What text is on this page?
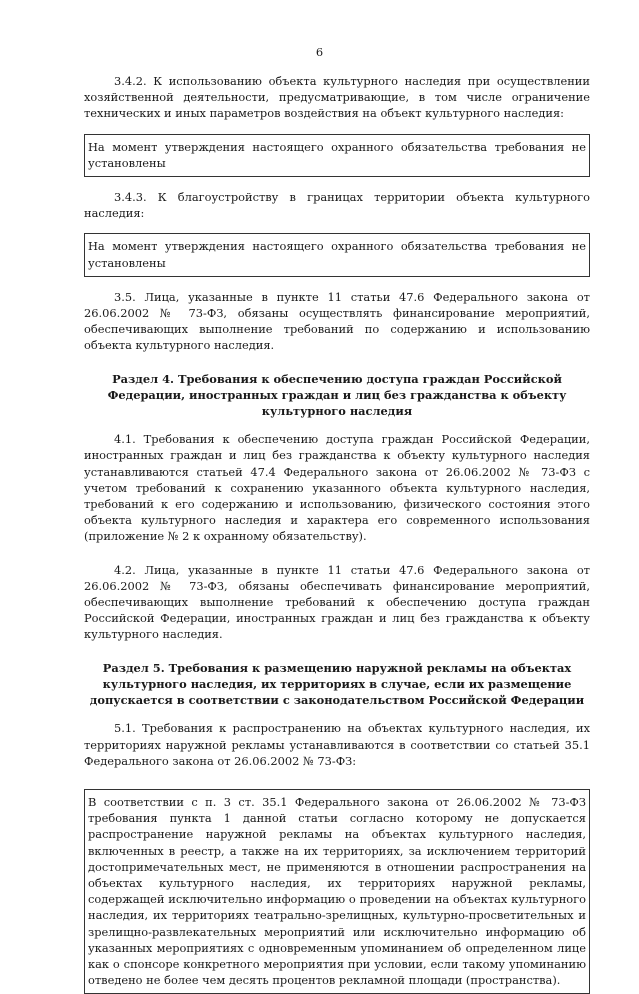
6

3.4.2. К использованию объекта культурного наследия при осуществлении хозяйственной деятельности, предусматривающие, в том числе ограничение технических и иных параметров воздействия на объект культурного наследия:

На момент утверждения настоящего охранного обязательства требования не установлены

3.4.3. К благоустройству в границах территории объекта культурного наследия:

На момент утверждения настоящего охранного обязательства требования не установлены

3.5. Лица, указанные в пункте 11 статьи 47.6 Федерального закона от 26.06.2002 № 73-ФЗ, обязаны осуществлять финансирование мероприятий, обеспечивающих выполнение требований по содержанию и использованию объекта культурного наследия.

Раздел 4. Требования к обеспечению доступа граждан Российской Федерации, иностранных граждан и лиц без гражданства к объекту культурного наследия

4.1. Требования к обеспечению доступа граждан Российской Федерации, иностранных граждан и лиц без гражданства к объекту культурного наследия устанавливаются статьей 47.4 Федерального закона от 26.06.2002 № 73-ФЗ с учетом требований к сохранению указанного объекта культурного наследия, требований к его содержанию и использованию, физического состояния этого объекта культурного наследия и характера его современного использования (приложение № 2 к охранному обязательству).

4.2. Лица, указанные в пункте 11 статьи 47.6 Федерального закона от 26.06.2002 № 73-ФЗ, обязаны обеспечивать финансирование мероприятий, обеспечивающих выполнение требований к обеспечению доступа граждан Российской Федерации, иностранных граждан и лиц без гражданства к объекту культурного наследия.

Раздел 5. Требования к размещению наружной рекламы на объектах культурного наследия, их территориях в случае, если их размещение допускается в соответствии с законодательством Российской Федерации

5.1. Требования к распространению на объектах культурного наследия, их территориях наружной рекламы устанавливаются в соответствии со статьей 35.1 Федерального закона от 26.06.2002 № 73-ФЗ:

В соответствии с п. 3 ст. 35.1 Федерального закона от 26.06.2002 № 73-ФЗ требования пункта 1 данной статьи согласно которому не допускается распространение наружной рекламы на объектах культурного наследия, включенных в реестр, а также на их территориях, за исключением территорий достопримечательных мест, не применяются в отношении распространения на объектах культурного наследия, их территориях наружной рекламы, содержащей исключительно информацию о проведении на объектах культурного наследия, их территориях театрально-зрелищных, культурно-просветительных и зрелищно-развлекательных мероприятий или исключительно информацию об указанных мероприятиях с одновременным упоминанием об определенном лице как о спонсоре конкретного мероприятия при условии, если такому упоминанию отведено не более чем десять процентов рекламной площади (пространства).
